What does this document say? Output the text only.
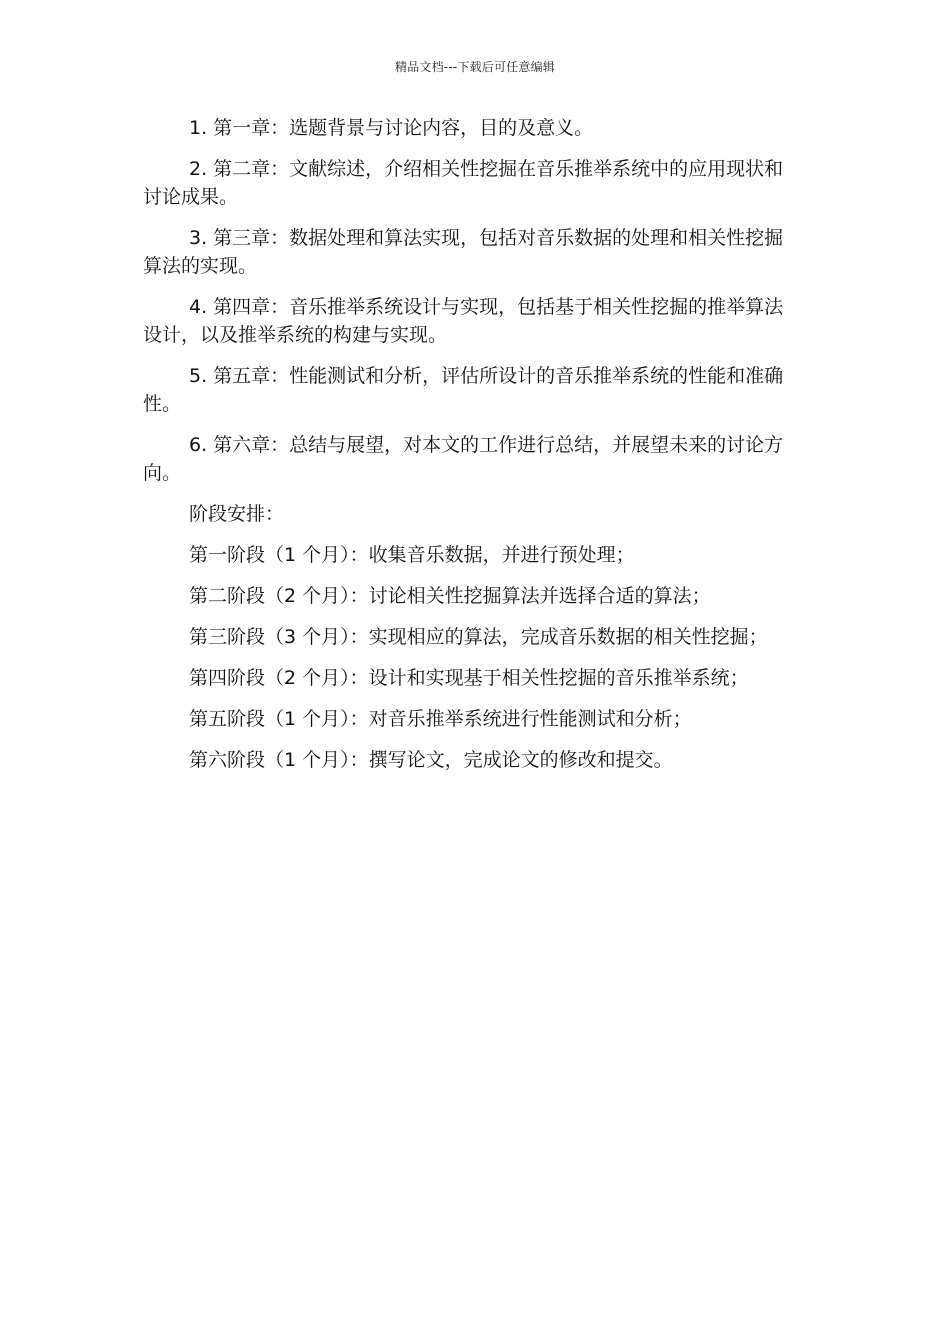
精品文档---下载后可任意编辑

1. 第一章：选题背景与讨论内容，目的及意义。

2. 第二章：文献综述，介绍相关性挖掘在音乐推举系统中的应用现状和讨论成果。

3. 第三章：数据处理和算法实现，包括对音乐数据的处理和相关性挖掘算法的实现。

4. 第四章：音乐推举系统设计与实现，包括基于相关性挖掘的推举算法设计，以及推举系统的构建与实现。

5. 第五章：性能测试和分析，评估所设计的音乐推举系统的性能和准确性。

6. 第六章：总结与展望，对本文的工作进行总结，并展望未来的讨论方向。

阶段安排：

第一阶段（1 个月）：收集音乐数据，并进行预处理；

第二阶段（2 个月）：讨论相关性挖掘算法并选择合适的算法；

第三阶段（3 个月）：实现相应的算法，完成音乐数据的相关性挖掘；

第四阶段（2 个月）：设计和实现基于相关性挖掘的音乐推举系统；

第五阶段（1 个月）：对音乐推举系统进行性能测试和分析；

第六阶段（1 个月）：撰写论文，完成论文的修改和提交。
